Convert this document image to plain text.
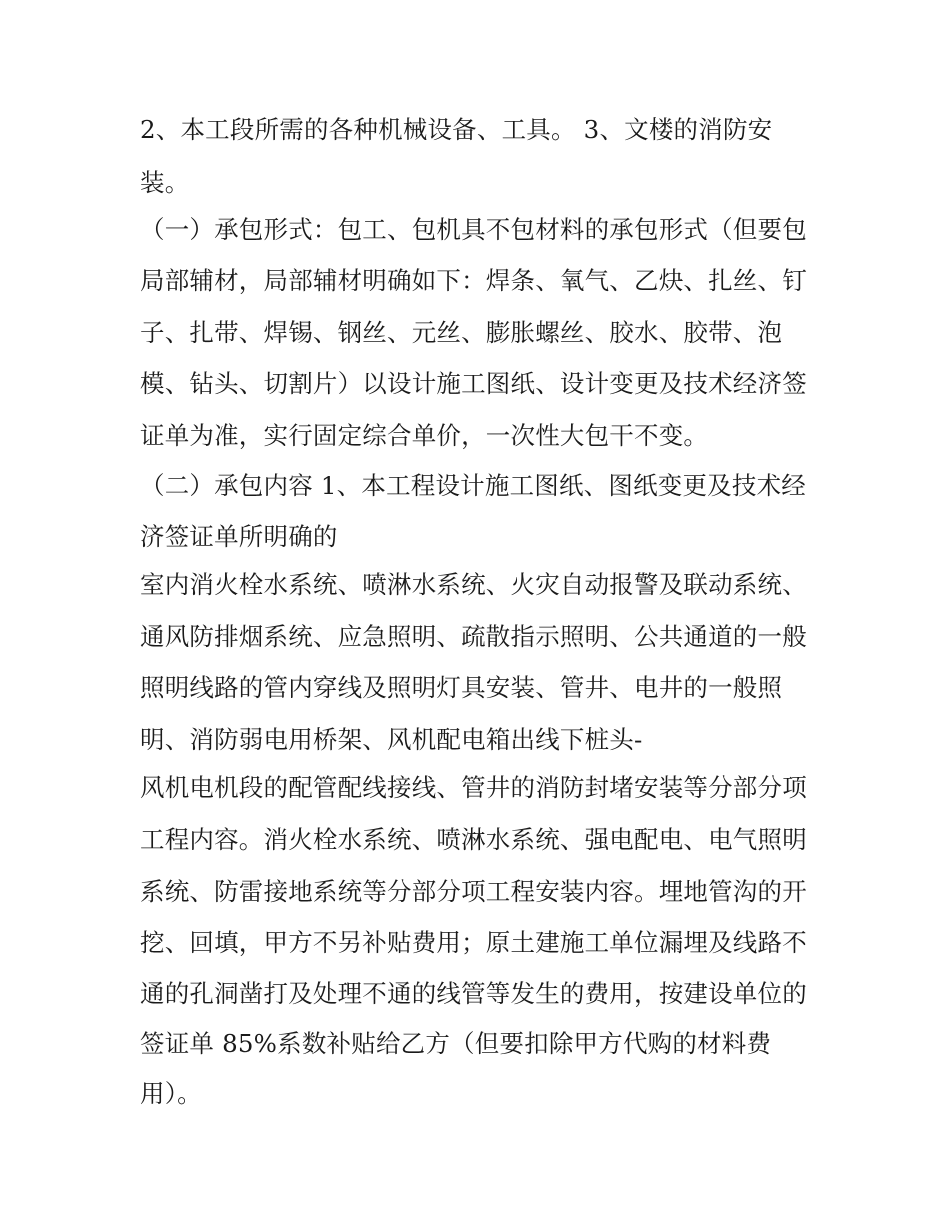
2、本工段所需的各种机械设备、工具。 3、文楼的消防安
装。
（一）承包形式：包工、包机具不包材料的承包形式（但要包
局部辅材，局部辅材明确如下：焊条、氧气、乙炔、扎丝、钉
子、扎带、焊锡、钢丝、元丝、膨胀螺丝、胶水、胶带、泡
模、钻头、切割片）以设计施工图纸、设计变更及技术经济签
证单为准，实行固定综合单价，一次性大包干不变。
（二）承包内容 1、本工程设计施工图纸、图纸变更及技术经
济签证单所明确的
室内消火栓水系统、喷淋水系统、火灾自动报警及联动系统、
通风防排烟系统、应急照明、疏散指示照明、公共通道的一般
照明线路的管内穿线及照明灯具安装、管井、电井的一般照
明、消防弱电用桥架、风机配电箱出线下桩头-
风机电机段的配管配线接线、管井的消防封堵安装等分部分项
工程内容。消火栓水系统、喷淋水系统、强电配电、电气照明
系统、防雷接地系统等分部分项工程安装内容。埋地管沟的开
挖、回填，甲方不另补贴费用；原土建施工单位漏埋及线路不
通的孔洞凿打及处理不通的线管等发生的费用，按建设单位的
签证单 85%系数补贴给乙方（但要扣除甲方代购的材料费
用）。
